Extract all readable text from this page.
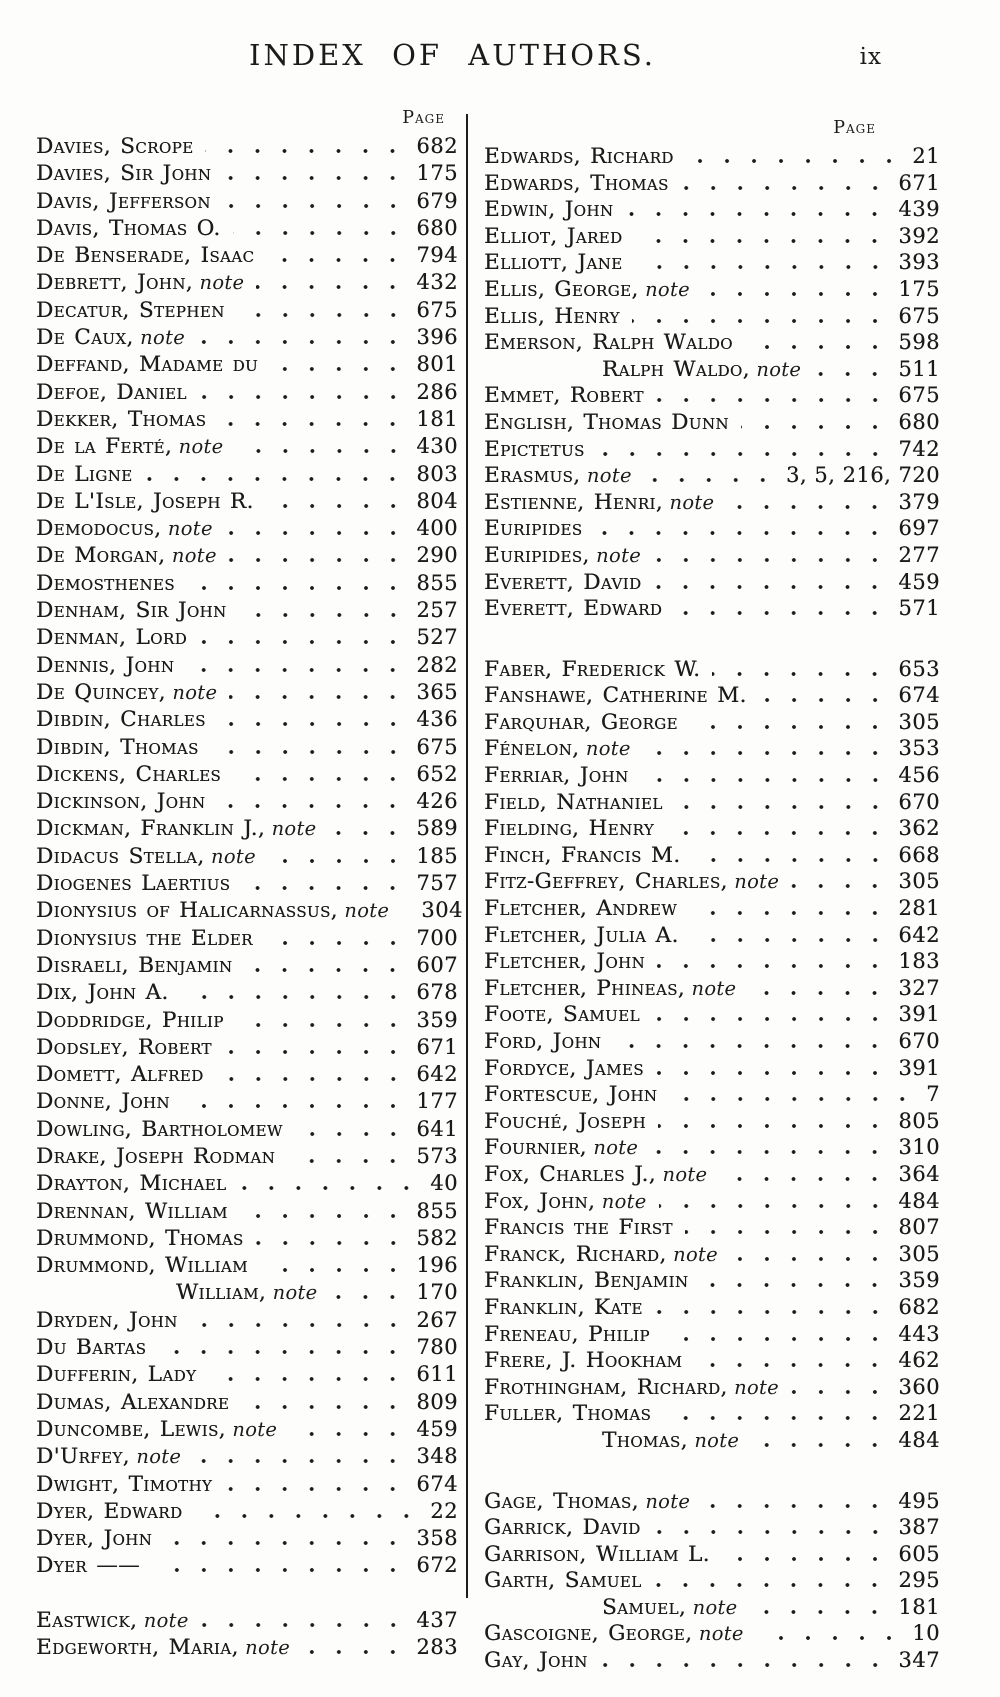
INDEX OF AUTHORS.	ix
Page
Davies, Scrope	682
Davies, Sir John	175
Davis, Jefferson	679
Davis, Thomas O.	680
De Benserade, Isaac	794
Debrett, John, note	432
Decatur, Stephen	675
De Caux, note	396
Deffand, Madame du	801
Defoe, Daniel	286
Dekker, Thomas	181
De la Ferté, note	430
De Ligne	803
De L'Isle, Joseph R.	804
Demodocus, note	400
De Morgan, note	290
Demosthenes	855
Denham, Sir John	257
Denman, Lord	527
Dennis, John	282
De Quincey, note	365
Dibdin, Charles	436
Dibdin, Thomas	675
Dickens, Charles	652
Dickinson, John	426
Dickman, Franklin J., note	589
Didacus Stella, note	185
Diogenes Laertius	757
Dionysius of Halicarnassus, note 304
Dionysius the Elder	700
Disraeli, Benjamin	607
Dix, John A.	678
Doddridge, Philip	359
Dodsley, Robert	671
Domett, Alfred	642
Donne, John	177
Dowling, Bartholomew	641
Drake, Joseph Rodman	573
Drayton, Michael	40
Drennan, William	855
Drummond, Thomas	582
Drummond, William	196
William, note	170
Dryden, John	267
Du Bartas	780
Dufferin, Lady	611
Dumas, Alexandre	809
Duncombe, Lewis, note	459
D'Urfey, note	348
Dwight, Timothy	674
Dyer, Edward	22
Dyer, John	358
Dyer ——	672
Eastwick, note	437
Edgeworth, Maria, note	283
Page
Edwards, Richard	21
Edwards, Thomas	671
Edwin, John	439
Elliot, Jared	392
Elliott, Jane	393
Ellis, George, note	175
Ellis, Henry	675
Emerson, Ralph Waldo	598
Ralph Waldo, note	511
Emmet, Robert	675
English, Thomas Dunn	680
Epictetus	742
Erasmus, note	3, 5, 216, 720
Estienne, Henri, note	379
Euripides	697
Euripides, note	277
Everett, David	459
Everett, Edward	571
Faber, Frederick W.	653
Fanshawe, Catherine M.	674
Farquhar, George	305
Fénelon, note	353
Ferriar, John	456
Field, Nathaniel	670
Fielding, Henry	362
Finch, Francis M.	668
Fitz-Geffrey, Charles, note	305
Fletcher, Andrew	281
Fletcher, Julia A.	642
Fletcher, John	183
Fletcher, Phineas, note	327
Foote, Samuel	391
Ford, John	670
Fordyce, James	391
Fortescue, John	7
Fouché, Joseph	805
Fournier, note	310
Fox, Charles J., note	364
Fox, John, note	484
Francis the First	807
Franck, Richard, note	305
Franklin, Benjamin	359
Franklin, Kate	682
Freneau, Philip	443
Frere, J. Hookham	462
Frothingham, Richard, note	360
Fuller, Thomas	221
Thomas, note	484
Gage, Thomas, note	495
Garrick, David	387
Garrison, William L.	605
Garth, Samuel	295
Samuel, note	181
Gascoigne, George, note	10
Gay, John	347
